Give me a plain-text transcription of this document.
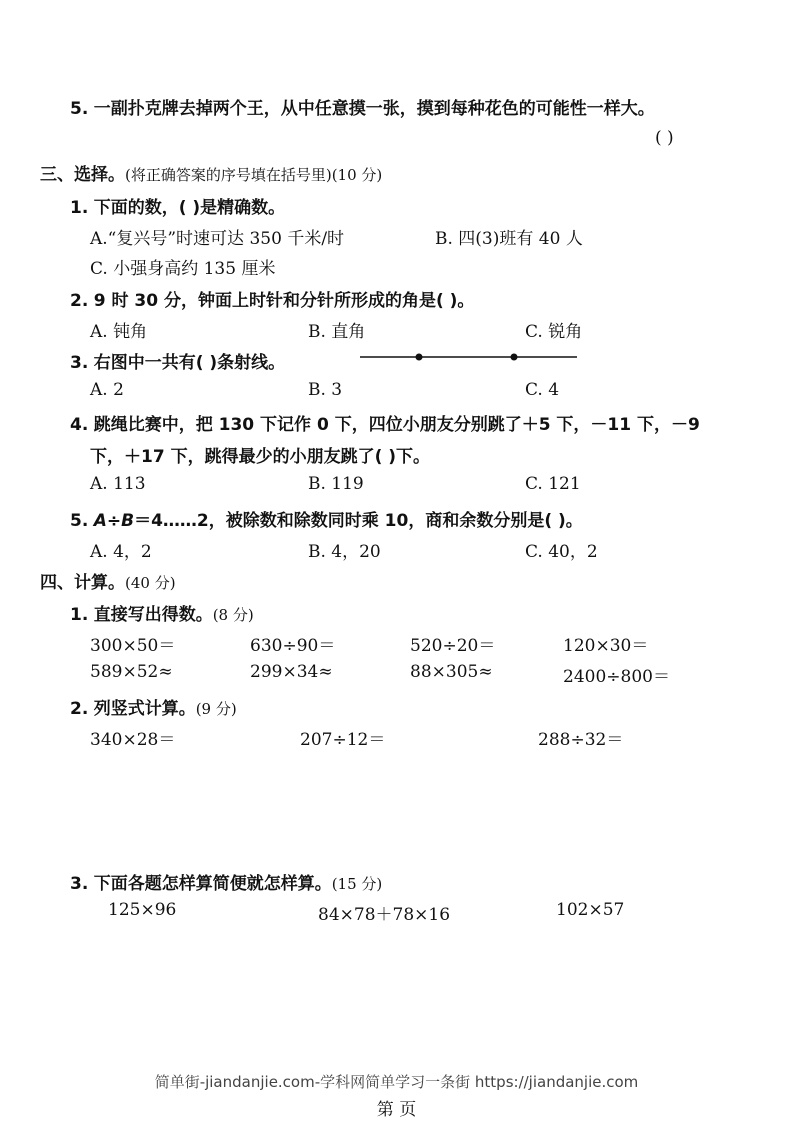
5. 一副扑克牌去掉两个王，从中任意摸一张，摸到每种花色的可能性一样大。
( )
三、选择。(将正确答案的序号填在括号里)(10 分)
1. 下面的数，( )是精确数。
A.“复兴号”时速可达 350 千米/时	B. 四(3)班有 40 人
C. 小强身高约 135 厘米
2. 9 时 30 分，钟面上时针和分针所形成的角是( )。
A. 钝角	B. 直角	C. 锐角
3. 右图中一共有( )条射线。
A. 2	B. 3	C. 4
4. 跳绳比赛中，把 130 下记作 0 下，四位小朋友分别跳了＋5 下，－11 下，－9
下，＋17 下，跳得最少的小朋友跳了( )下。
A. 113	B. 119	C. 121
5. A÷B＝4……2，被除数和除数同时乘 10，商和余数分别是( )。
A. 4，2	B. 4，20	C. 40，2
四、计算。(40 分)
1. 直接写出得数。(8 分)
300×50＝	630÷90＝	520÷20＝	120×30＝
589×52≈	299×34≈	88×305≈	2400÷800＝
2. 列竖式计算。(9 分)
340×28＝	207÷12＝	288÷32＝
3. 下面各题怎样算简便就怎样算。(15 分)
125×96	84×78＋78×16	102×57
简单街-jiandanjie.com-学科网简单学习一条街 https://jiandanjie.com
第 页
